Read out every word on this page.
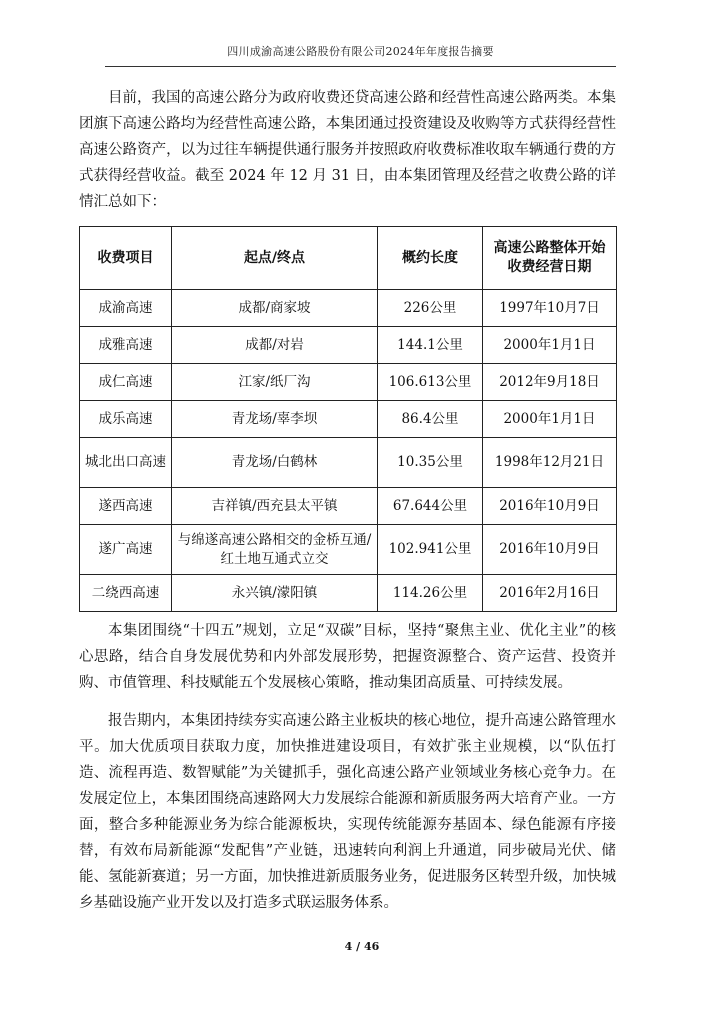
四川成渝高速公路股份有限公司2024年年度报告摘要

目前，我国的高速公路分为政府收费还贷高速公路和经营性高速公路两类。本集团旗下高速公路均为经营性高速公路，本集团通过投资建设及收购等方式获得经营性高速公路资产，以为过往车辆提供通行服务并按照政府收费标准收取车辆通行费的方式获得经营收益。截至 2024 年 12 月 31 日，由本集团管理及经营之收费公路的详情汇总如下：

收费项目	起点/终点	概约长度	高速公路整体开始收费经营日期
成渝高速	成都/商家坡	226公里	1997年10月7日
成雅高速	成都/对岩	144.1公里	2000年1月1日
成仁高速	江家/纸厂沟	106.613公里	2012年9月18日
成乐高速	青龙场/辜李坝	86.4公里	2000年1月1日
城北出口高速	青龙场/白鹤林	10.35公里	1998年12月21日
遂西高速	吉祥镇/西充县太平镇	67.644公里	2016年10月9日
遂广高速	与绵遂高速公路相交的金桥互通/红土地互通式立交	102.941公里	2016年10月9日
二绕西高速	永兴镇/濛阳镇	114.26公里	2016年2月16日

本集团围绕“十四五”规划，立足“双碳”目标，坚持“聚焦主业、优化主业”的核心思路，结合自身发展优势和内外部发展形势，把握资源整合、资产运营、投资并购、市值管理、科技赋能五个发展核心策略，推动集团高质量、可持续发展。

报告期内，本集团持续夯实高速公路主业板块的核心地位，提升高速公路管理水平。加大优质项目获取力度，加快推进建设项目，有效扩张主业规模，以“队伍打造、流程再造、数智赋能”为关键抓手，强化高速公路产业领域业务核心竞争力。在发展定位上，本集团围绕高速路网大力发展综合能源和新质服务两大培育产业。一方面，整合多种能源业务为综合能源板块，实现传统能源夯基固本、绿色能源有序接替，有效布局新能源“发配售”产业链，迅速转向利润上升通道，同步破局光伏、储能、氢能新赛道；另一方面，加快推进新质服务业务，促进服务区转型升级，加快城乡基础设施产业开发以及打造多式联运服务体系。

4 / 46
